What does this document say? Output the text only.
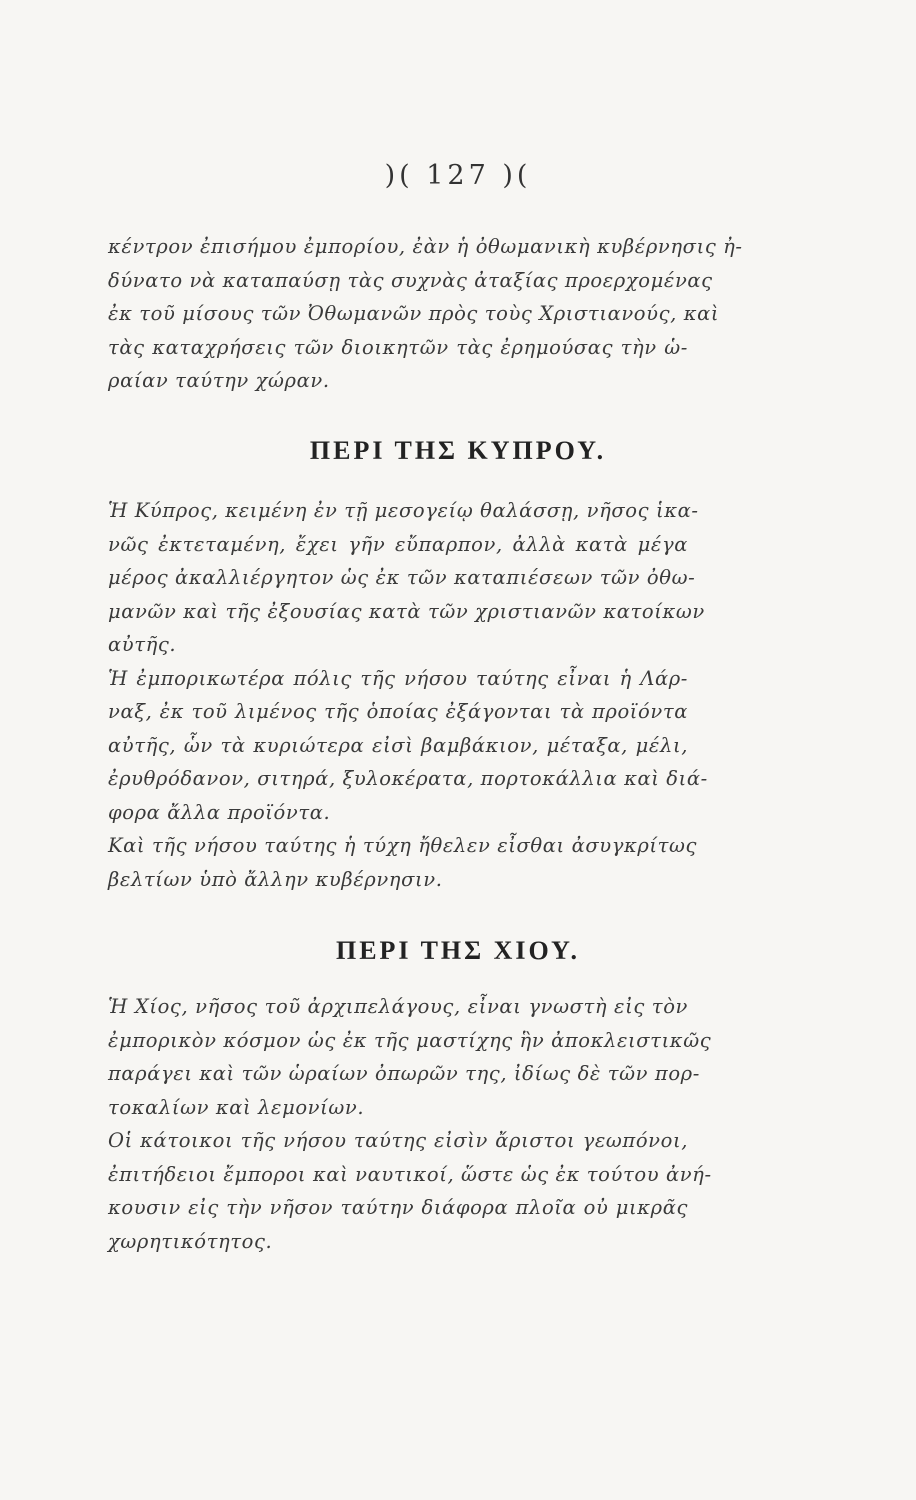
)( 127 )(
κέντρον ἐπισήμου ἐμπορίου, ἐὰν ἡ ὀθωμανικὴ κυβέρνησις ἠ-
δύνατο νὰ καταπαύσῃ τὰς συχνὰς ἀταξίας προερχομένας
ἐκ τοῦ μίσους τῶν Ὀθωμανῶν πρὸς τοὺς Χριστιανούς, καὶ
τὰς καταχρήσεις τῶν διοικητῶν τὰς ἐρημούσας τὴν ὡ-
ραίαν ταύτην χώραν.
ΠΕΡΙ ΤΗΣ ΚΥΠΡΟΥ.
Ἡ Κύπρος, κειμένη ἐν τῇ μεσογείῳ θαλάσσῃ, νῆσος ἱκα-
νῶς ἐκτεταμένη, ἔχει γῆν εὔπαρπον, ἀλλὰ κατὰ μέγα
μέρος ἀκαλλιέργητον ὡς ἐκ τῶν καταπιέσεων τῶν ὀθω-
μανῶν καὶ τῆς ἐξουσίας κατὰ τῶν χριστιανῶν κατοίκων
αὐτῆς.
Ἡ ἐμπορικωτέρα πόλις τῆς νήσου ταύτης εἶναι ἡ Λάρ-
ναξ, ἐκ τοῦ λιμένος τῆς ὁποίας ἐξάγονται τὰ προϊόντα
αὐτῆς, ὧν τὰ κυριώτερα εἰσὶ βαμβάκιον, μέταξα, μέλι,
ἐρυθρόδανον, σιτηρά, ξυλοκέρατα, πορτοκάλλια καὶ διά-
φορα ἄλλα προϊόντα.
Καὶ τῆς νήσου ταύτης ἡ τύχη ἤθελεν εἶσθαι ἀσυγκρίτως
βελτίων ὑπὸ ἄλλην κυβέρνησιν.
ΠΕΡΙ ΤΗΣ ΧΙΟΥ.
Ἡ Χίος, νῆσος τοῦ ἀρχιπελάγους, εἶναι γνωστὴ εἰς τὸν
ἐμπορικὸν κόσμον ὡς ἐκ τῆς μαστίχης ἣν ἀποκλειστικῶς
παράγει καὶ τῶν ὡραίων ὀπωρῶν της, ἰδίως δὲ τῶν πορ-
τοκαλίων καὶ λεμονίων.
Οἱ κάτοικοι τῆς νήσου ταύτης εἰσὶν ἄριστοι γεωπόνοι,
ἐπιτήδειοι ἔμποροι καὶ ναυτικοί, ὥστε ὡς ἐκ τούτου ἀνή-
κουσιν εἰς τὴν νῆσον ταύτην διάφορα πλοῖα οὐ μικρᾶς
χωρητικότητος.
